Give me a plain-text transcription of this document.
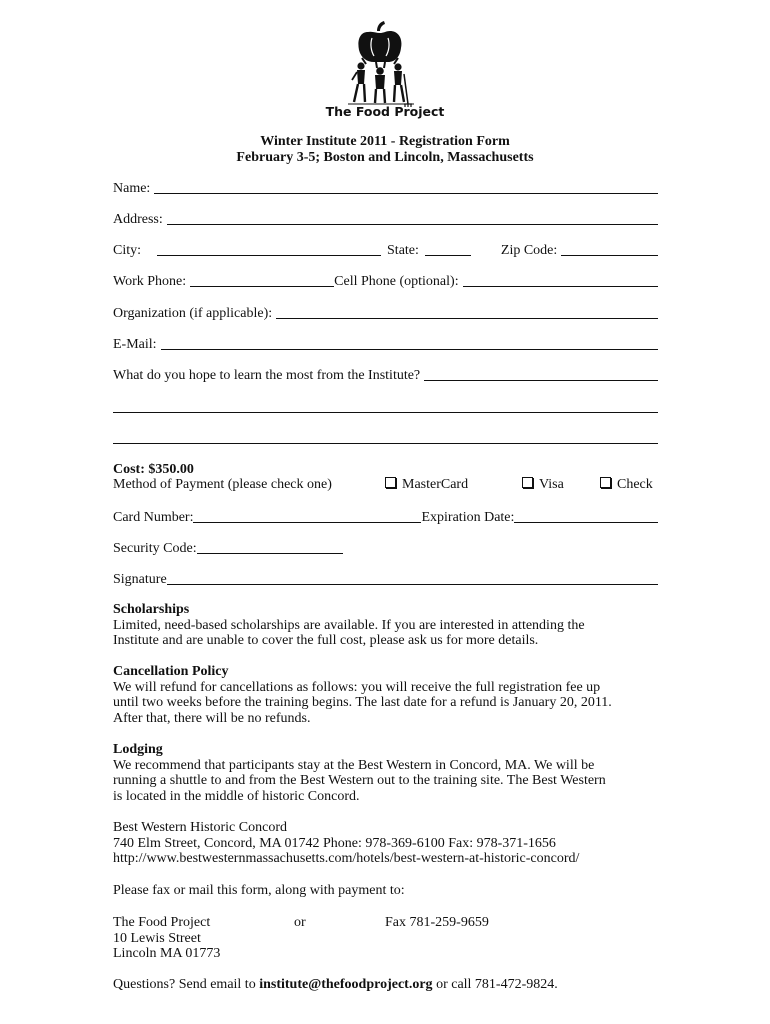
The Food Project
Winter Institute 2011 - Registration Form
February 3-5; Boston and Lincoln, Massachusetts
Name:
Address:
City:	State:	Zip Code:
Work Phone:	Cell Phone (optional):
Organization (if applicable):
E-Mail:
What do you hope to learn the most from the Institute?
Cost: $350.00
Method of Payment (please check one)	MasterCard	Visa	Check
Card Number:	Expiration Date:
Security Code:
Signature
Scholarships
Limited, need-based scholarships are available. If you are interested in attending the
Institute and are unable to cover the full cost, please ask us for more details.
Cancellation Policy
We will refund for cancellations as follows: you will receive the full registration fee up
until two weeks before the training begins. The last date for a refund is January 20, 2011.
After that, there will be no refunds.
Lodging
We recommend that participants stay at the Best Western in Concord, MA. We will be
running a shuttle to and from the Best Western out to the training site. The Best Western
is located in the middle of historic Concord.
Best Western Historic Concord
740 Elm Street, Concord, MA 01742 Phone: 978-369-6100 Fax: 978-371-1656
http://www.bestwesternmassachusetts.com/hotels/best-western-at-historic-concord/
Please fax or mail this form, along with payment to:
The Food Project
10 Lewis Street
Lincoln MA 01773
or	Fax 781-259-9659
Questions? Send email to institute@thefoodproject.org or call 781-472-9824.
